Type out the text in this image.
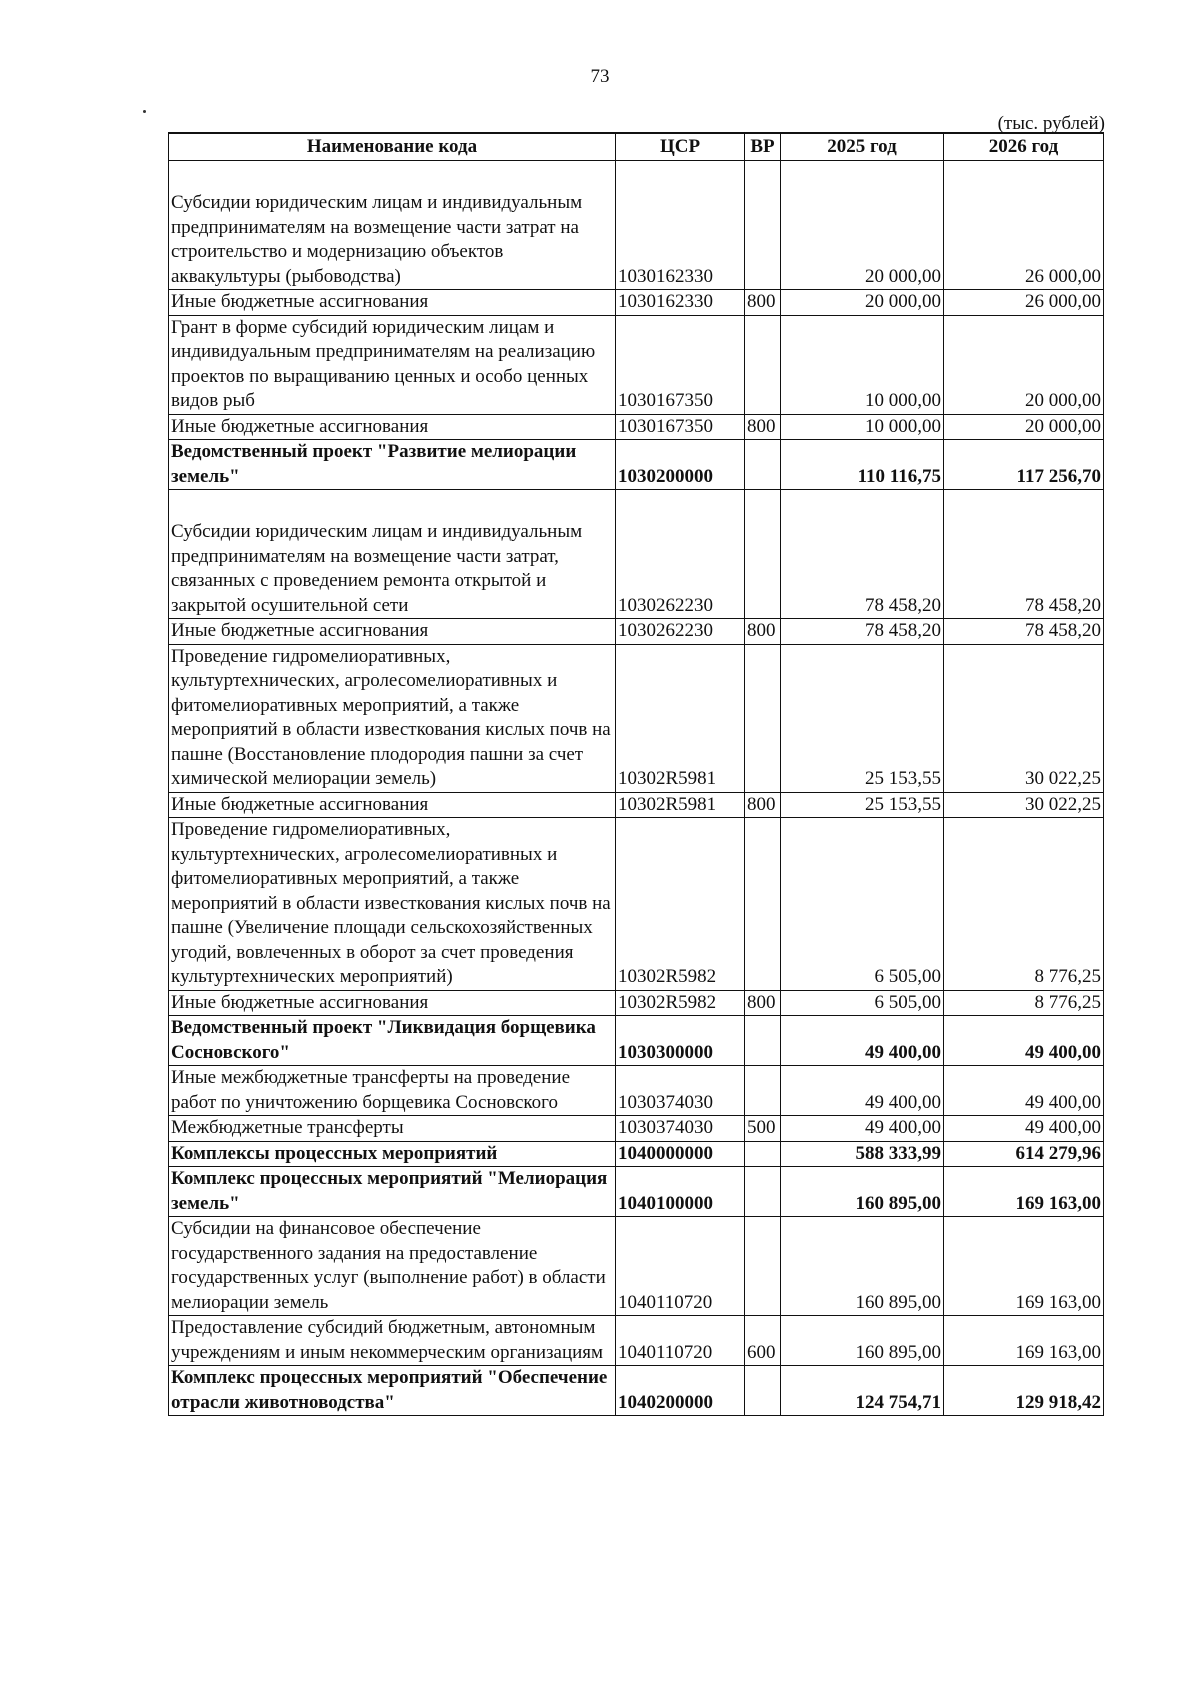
73
(тыс. рублей)
Наименование кода	ЦСР	ВР	2025 год	2026 год

Субсидии юридическим лицам и индивидуальным предпринимателям на возмещение части затрат на строительство и модернизацию объектов аквакультуры (рыбоводства)	1030162330		20 000,00	26 000,00
Иные бюджетные ассигнования	1030162330	800	20 000,00	26 000,00
Грант в форме субсидий юридическим лицам и индивидуальным предпринимателям на реализацию проектов по выращиванию ценных и особо ценных видов рыб	1030167350		10 000,00	20 000,00
Иные бюджетные ассигнования	1030167350	800	10 000,00	20 000,00
Ведомственный проект "Развитие мелиорации земель"	1030200000		110 116,75	117 256,70

Субсидии юридическим лицам и индивидуальным предпринимателям на возмещение части затрат, связанных с проведением ремонта открытой и закрытой осушительной сети	1030262230		78 458,20	78 458,20
Иные бюджетные ассигнования	1030262230	800	78 458,20	78 458,20
Проведение гидромелиоративных, культуртехнических, агролесомелиоративных и фитомелиоративных мероприятий, а также мероприятий в области известкования кислых почв на пашне (Восстановление плодородия пашни за счет химической мелиорации земель)	10302R5981		25 153,55	30 022,25
Иные бюджетные ассигнования	10302R5981	800	25 153,55	30 022,25
Проведение гидромелиоративных, культуртехнических, агролесомелиоративных и фитомелиоративных мероприятий, а также мероприятий в области известкования кислых почв на пашне (Увеличение площади сельскохозяйственных угодий, вовлеченных в оборот за счет проведения культуртехнических мероприятий)	10302R5982		6 505,00	8 776,25
Иные бюджетные ассигнования	10302R5982	800	6 505,00	8 776,25
Ведомственный проект "Ликвидация борщевика Сосновского"	1030300000		49 400,00	49 400,00
Иные межбюджетные трансферты на проведение работ по уничтожению борщевика Сосновского	1030374030		49 400,00	49 400,00
Межбюджетные трансферты	1030374030	500	49 400,00	49 400,00
Комплексы процессных мероприятий	1040000000		588 333,99	614 279,96
Комплекс процессных мероприятий "Мелиорация земель"	1040100000		160 895,00	169 163,00
Субсидии на финансовое обеспечение государственного задания на предоставление государственных услуг (выполнение работ) в области мелиорации земель	1040110720		160 895,00	169 163,00
Предоставление субсидий бюджетным, автономным учреждениям и иным некоммерческим организациям	1040110720	600	160 895,00	169 163,00
Комплекс процессных мероприятий "Обеспечение отрасли животноводства"	1040200000		124 754,71	129 918,42
